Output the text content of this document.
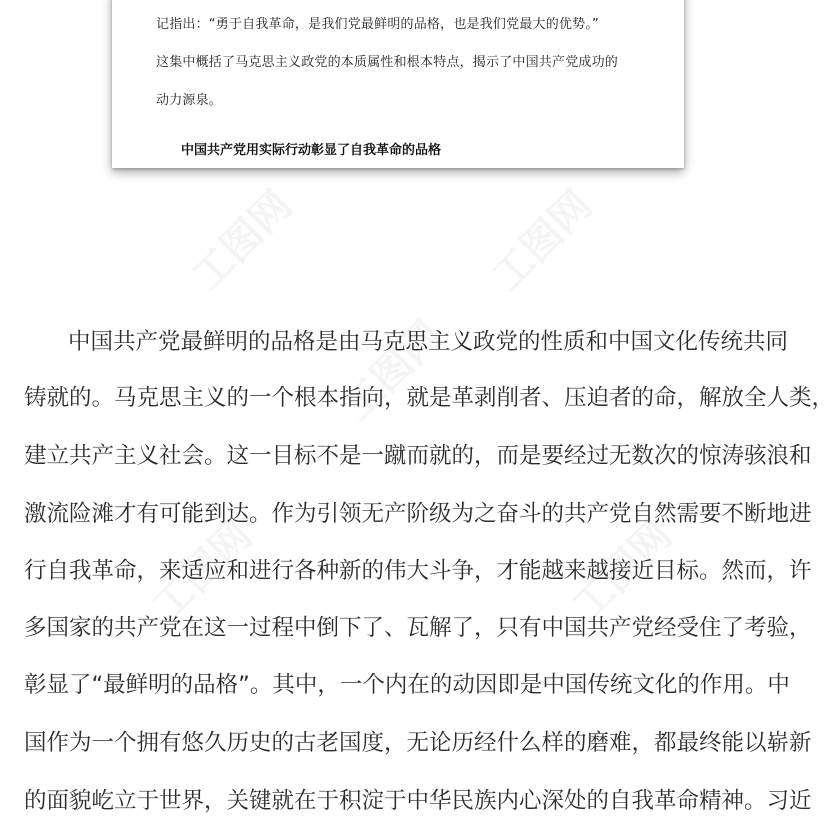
工图网	工图网
工图网
工图网	工图网
记指出：“勇于自我革命，是我们党最鲜明的品格，也是我们党最大的优势。”
这集中概括了马克思主义政党的本质属性和根本特点，揭示了中国共产党成功的
动力源泉。
中国共产党用实际行动彰显了自我革命的品格
中国共产党最鲜明的品格是由马克思主义政党的性质和中国文化传统共同
铸就的。马克思主义的一个根本指向，就是革剥削者、压迫者的命，解放全人类，
建立共产主义社会。这一目标不是一蹴而就的，而是要经过无数次的惊涛骇浪和
激流险滩才有可能到达。作为引领无产阶级为之奋斗的共产党自然需要不断地进
行自我革命，来适应和进行各种新的伟大斗争，才能越来越接近目标。然而，许
多国家的共产党在这一过程中倒下了、瓦解了，只有中国共产党经受住了考验，
彰显了“最鲜明的品格”。其中，一个内在的动因即是中国传统文化的作用。中
国作为一个拥有悠久历史的古老国度，无论历经什么样的磨难，都最终能以崭新
的面貌屹立于世界，关键就在于积淀于中华民族内心深处的自我革命精神。习近
